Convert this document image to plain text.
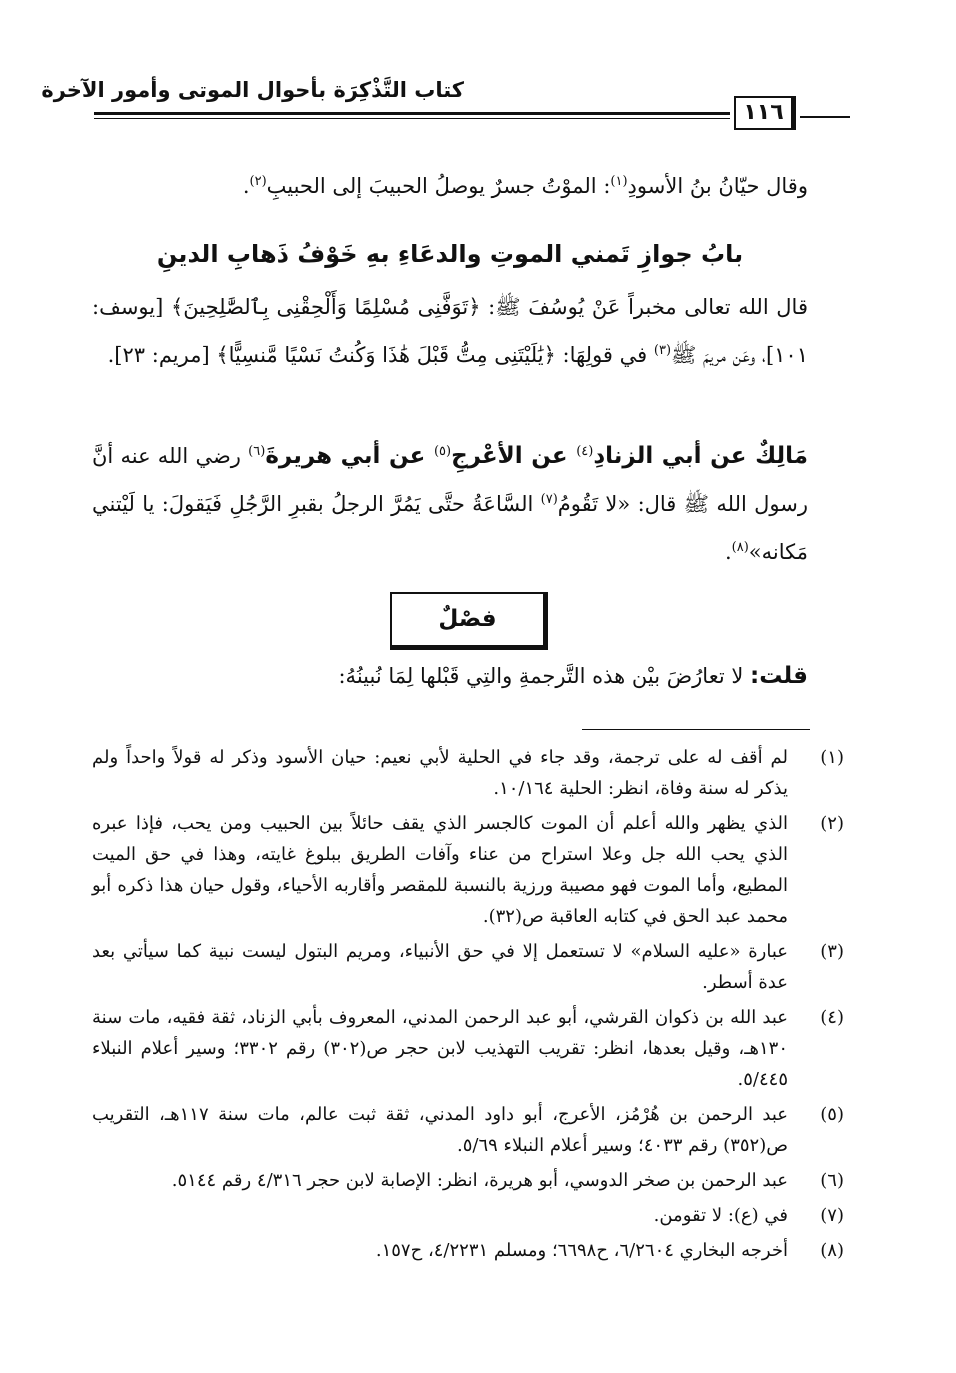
كتاب التَّذْكِرَة بأحوال الموتى وأمور الآخرة
١١٦
وقال حيّانُ بنُ الأسودِ$^{(١)}$: الموْتُ جسرٌ يوصلُ الحبيبَ إلى الحبيبِ$^{(٢)}$.
بابُ جوازِ تَمني الموتِ والدعَاءِ بهِ خَوْفُ ذَهابِ الدينِ
قال الله تعالى مخبراً عَنْ يُوسُفَ ﷺ: ﴿تَوَفَّنِى مُسْلِمًا وَأَلْحِقْنِى بِٱلصَّٰلِحِينَ﴾ [يوسف: ١٠١]، وعَن مريمَ ﷺ$^{(٣)}$ في قولِهَا: ﴿يَٰلَيْتَنِى مِتُّ قَبْلَ هَٰذَا وَكُنتُ نَسْيًا مَّنسِيًّا﴾ [مريم: ٢٣].
مَالِكٌ عن أبي الزنادِ$^{(٤)}$ عن الأعْرجِ$^{(٥)}$ عن أبي هريرةَ$^{(٦)}$ رضي الله عنه أنَّ رسول الله ﷺ قال: «لا تَقُومُ$^{(٧)}$ السَّاعَةُ حتَّى يَمُرَّ الرجلُ بقبرِ الرَّجُلِ فَيَقولَ: يا لَيْتني مَكانه»$^{(٨)}$.
فصْلٌ
قلت: لا تعارُضَ بيْن هذه التَّرجمةِ والتِي قَبْلها لِمَا نُبينُهُ:
(١)
لم أقف له على ترجمة، وقد جاء في الحلية لأبي نعيم: حيان الأسود وذكر له قولاً واحداً ولم يذكر له سنة وفاة، انظر: الحلية ١٠/١٦٤.
(٢)
الذي يظهر والله أعلم أن الموت كالجسر الذي يقف حائلاً بين الحبيب ومن يحب، فإذا عبره الذي يحب الله جل وعلا استراح من عناء وآفات الطريق ببلوغ غايته، وهذا في حق الميت المطيع، وأما الموت فهو مصيبة ورزية بالنسبة للمقصر وأقاربه الأحياء، وقول حيان هذا ذكره أبو محمد عبد الحق في كتابه العاقبة ص(٣٢).
(٣)
عبارة «عليه السلام» لا تستعمل إلا في حق الأنبياء، ومريم البتول ليست نبية كما سيأتي بعد عدة أسطر.
(٤)
عبد الله بن ذكوان القرشي، أبو عبد الرحمن المدني، المعروف بأبي الزناد، ثقة فقيه، مات سنة ١٣٠هـ، وقيل بعدها، انظر: تقريب التهذيب لابن حجر ص(٣٠٢) رقم ٣٣٠٢؛ وسير أعلام النبلاء ٥/٤٤٥.
(٥)
عبد الرحمن بن هُرْمُز، الأعرج، أبو داود المدني، ثقة ثبت عالم، مات سنة ١١٧هـ، التقريب ص(٣٥٢) رقم ٤٠٣٣؛ وسير أعلام النبلاء ٥/٦٩.
(٦)
عبد الرحمن بن صخر الدوسي، أبو هريرة، انظر: الإصابة لابن حجر ٤/٣١٦ رقم ٥١٤٤.
(٧)
في (ع): لا تقومن.
(٨)
أخرجه البخاري ٦/٢٦٠٤، ح٦٦٩٨؛ ومسلم ٤/٢٢٣١، ح١٥٧.
